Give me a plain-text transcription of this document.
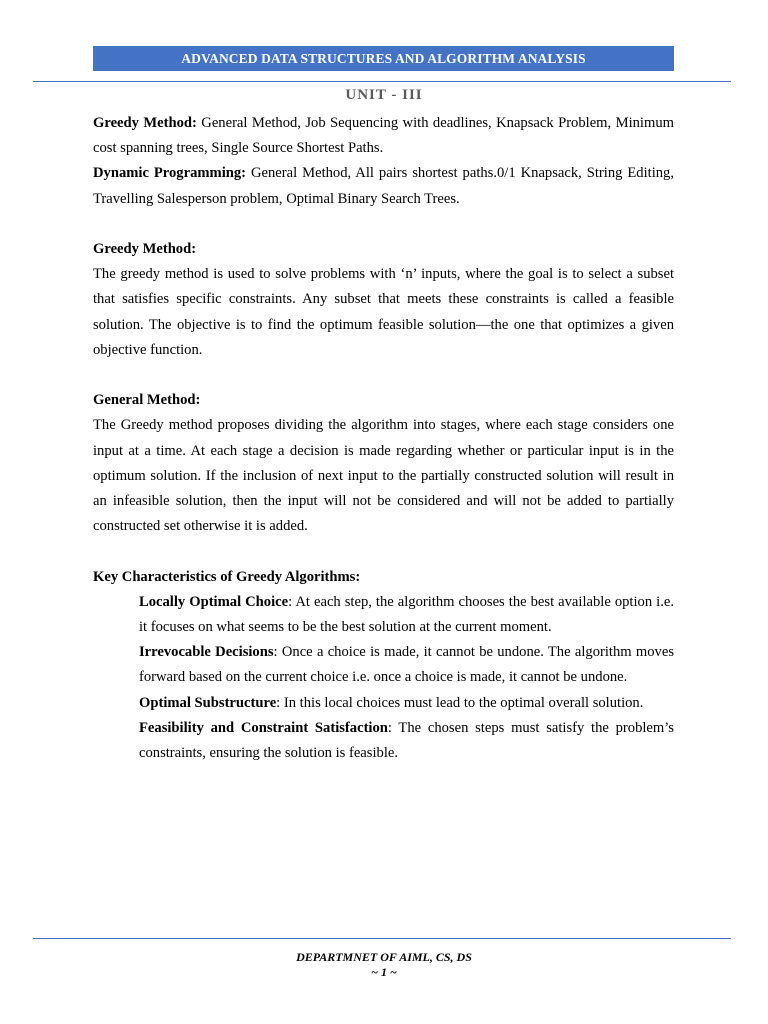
ADVANCED DATA STRUCTURES AND ALGORITHM ANALYSIS
UNIT - III

Greedy Method: General Method, Job Sequencing with deadlines, Knapsack Problem, Minimum cost spanning trees, Single Source Shortest Paths.

Dynamic Programming: General Method, All pairs shortest paths.0/1 Knapsack, String Editing, Travelling Salesperson problem, Optimal Binary Search Trees.

Greedy Method:

The greedy method is used to solve problems with ‘n’ inputs, where the goal is to select a subset that satisfies specific constraints. Any subset that meets these constraints is called a feasible solution. The objective is to find the optimum feasible solution—the one that optimizes a given objective function.

General Method:

The Greedy method proposes dividing the algorithm into stages, where each stage considers one input at a time. At each stage a decision is made regarding whether or particular input is in the optimum solution. If the inclusion of next input to the partially constructed solution will result in an infeasible solution, then the input will not be considered and will not be added to partially constructed set otherwise it is added.

Key Characteristics of Greedy Algorithms:

Locally Optimal Choice: At each step, the algorithm chooses the best available option i.e. it focuses on what seems to be the best solution at the current moment.

Irrevocable Decisions: Once a choice is made, it cannot be undone. The algorithm moves forward based on the current choice i.e. once a choice is made, it cannot be undone.

Optimal Substructure: In this local choices must lead to the optimal overall solution.

Feasibility and Constraint Satisfaction: The chosen steps must satisfy the problem’s constraints, ensuring the solution is feasible.

DEPARTMNET OF AIML, CS, DS
~ 1 ~
